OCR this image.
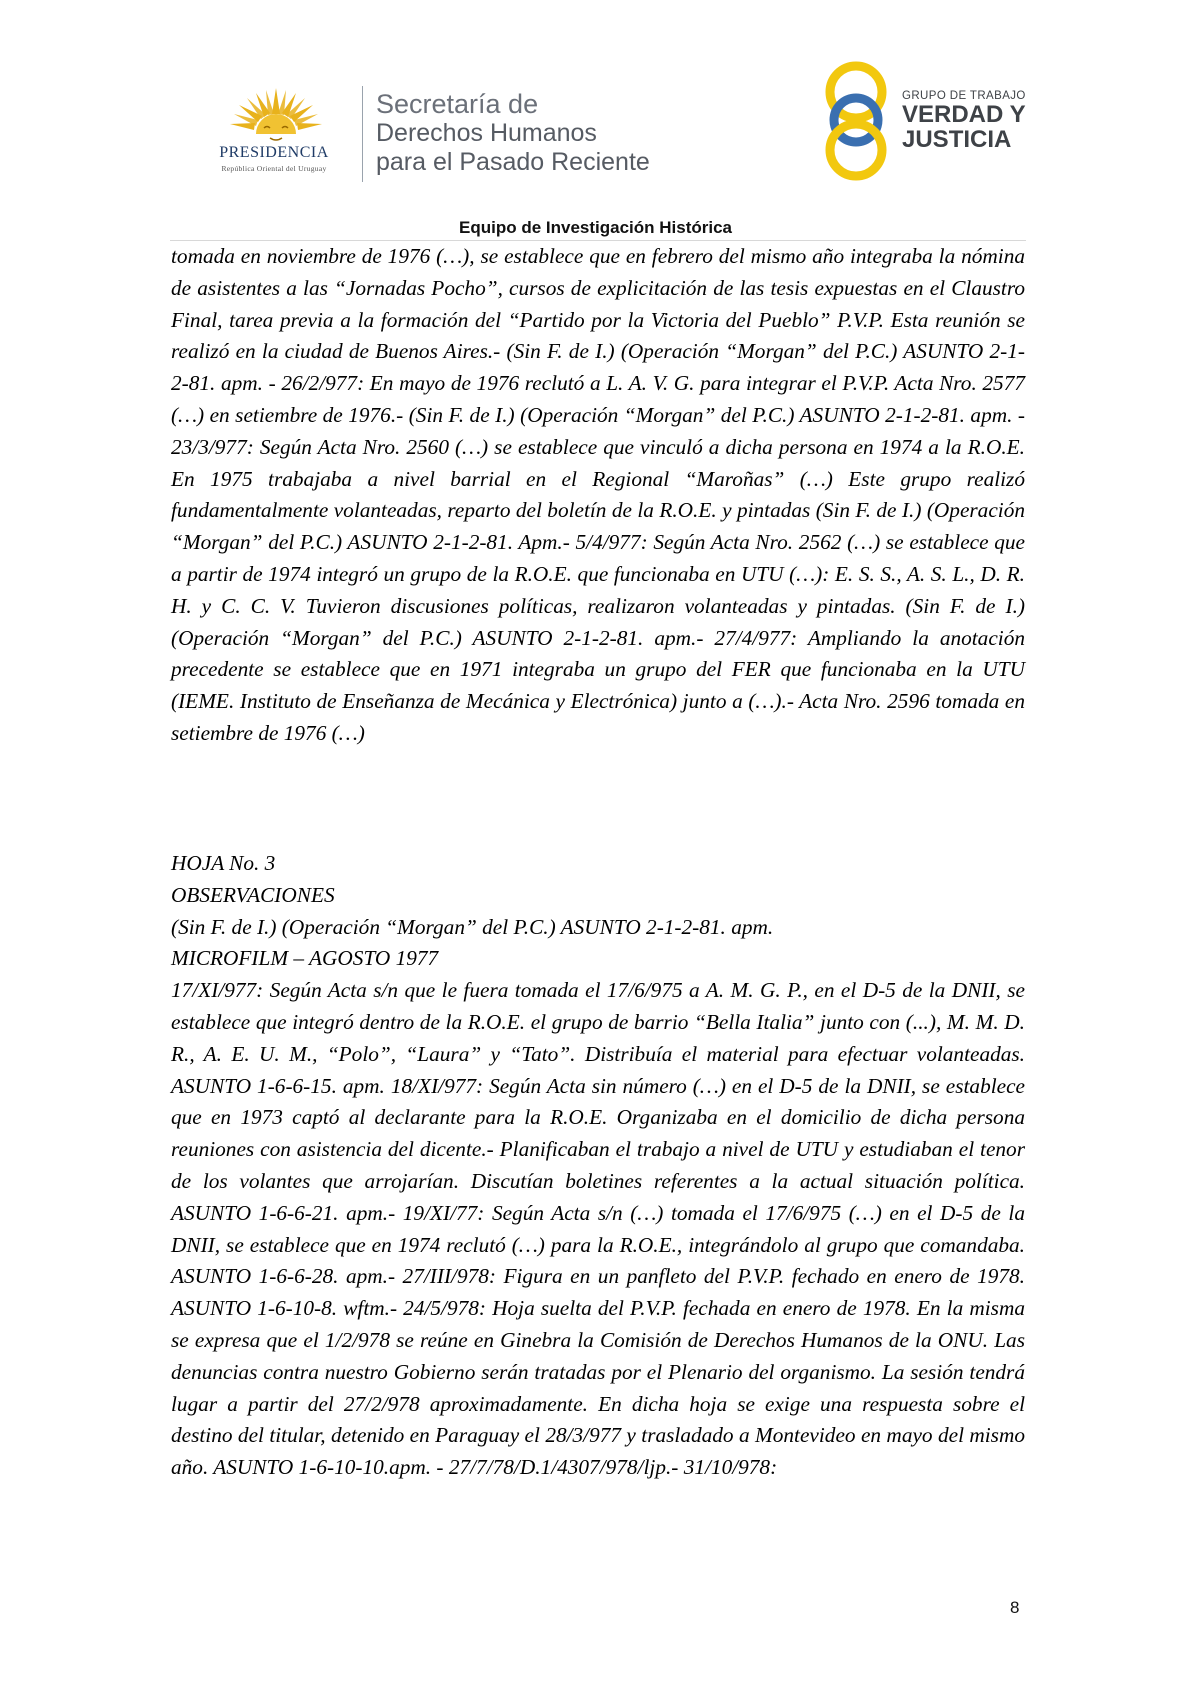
PRESIDENCIA
República Oriental del Uruguay
Secretaría de
Derechos Humanos
para el Pasado Reciente
GRUPO DE TRABAJO
VERDAD Y
JUSTICIA
Equipo de Investigación Histórica

tomada en noviembre de 1976 (…), se establece que en febrero del mismo año integraba la nómina de asistentes a las “Jornadas Pocho”, cursos de explicitación de las tesis expuestas en el Claustro Final, tarea previa a la formación del “Partido por la Victoria del Pueblo” P.V.P. Esta reunión se realizó en la ciudad de Buenos Aires.- (Sin F. de I.) (Operación “Morgan” del P.C.) ASUNTO 2-1-2-81. apm. - 26/2/977: En mayo de 1976 reclutó a L. A. V. G. para integrar el P.V.P. Acta Nro. 2577 (…) en setiembre de 1976.- (Sin F. de I.) (Operación “Morgan” del P.C.) ASUNTO 2-1-2-81. apm. - 23/3/977: Según Acta Nro. 2560 (…) se establece que vinculó a dicha persona en 1974 a la R.O.E. En 1975 trabajaba a nivel barrial en el Regional “Maroñas” (…) Este grupo realizó fundamentalmente volanteadas, reparto del boletín de la R.O.E. y pintadas (Sin F. de I.) (Operación “Morgan” del P.C.) ASUNTO 2-1-2-81. Apm.- 5/4/977: Según Acta Nro. 2562 (…) se establece que a partir de 1974 integró un grupo de la R.O.E. que funcionaba en UTU (…): E. S. S., A. S. L., D. R. H. y C. C. V. Tuvieron discusiones políticas, realizaron volanteadas y pintadas. (Sin F. de I.) (Operación “Morgan” del P.C.) ASUNTO 2-1-2-81. apm.- 27/4/977: Ampliando la anotación precedente se establece que en 1971 integraba un grupo del FER que funcionaba en la UTU (IEME. Instituto de Enseñanza de Mecánica y Electrónica) junto a (…).- Acta Nro. 2596 tomada en setiembre de 1976 (…)

HOJA No. 3
OBSERVACIONES
(Sin F. de I.) (Operación “Morgan” del P.C.) ASUNTO 2-1-2-81. apm.
MICROFILM – AGOSTO 1977

17/XI/977: Según Acta s/n que le fuera tomada el 17/6/975 a A. M. G. P., en el D-5 de la DNII, se establece que integró dentro de la R.O.E. el grupo de barrio “Bella Italia” junto con (...), M. M. D. R., A. E. U. M., “Polo”, “Laura” y “Tato”. Distribuía el material para efectuar volanteadas. ASUNTO 1-6-6-15. apm. 18/XI/977: Según Acta sin número (…) en el D-5 de la DNII, se establece que en 1973 captó al declarante para la R.O.E. Organizaba en el domicilio de dicha persona reuniones con asistencia del dicente.- Planificaban el trabajo a nivel de UTU y estudiaban el tenor de los volantes que arrojarían. Discutían boletines referentes a la actual situación política. ASUNTO 1-6-6-21. apm.- 19/XI/77: Según Acta s/n (…) tomada el 17/6/975 (…) en el D-5 de la DNII, se establece que en 1974 reclutó (…) para la R.O.E., integrándolo al grupo que comandaba. ASUNTO 1-6-6-28. apm.- 27/III/978: Figura en un panfleto del P.V.P. fechado en enero de 1978. ASUNTO 1-6-10-8. wftm.- 24/5/978: Hoja suelta del P.V.P. fechada en enero de 1978. En la misma se expresa que el 1/2/978 se reúne en Ginebra la Comisión de Derechos Humanos de la ONU. Las denuncias contra nuestro Gobierno serán tratadas por el Plenario del organismo. La sesión tendrá lugar a partir del 27/2/978 aproximadamente. En dicha hoja se exige una respuesta sobre el destino del titular, detenido en Paraguay el 28/3/977 y trasladado a Montevideo en mayo del mismo año. ASUNTO 1-6-10-10.apm. - 27/7/78/D.1/4307/978/ljp.- 31/10/978:

8
